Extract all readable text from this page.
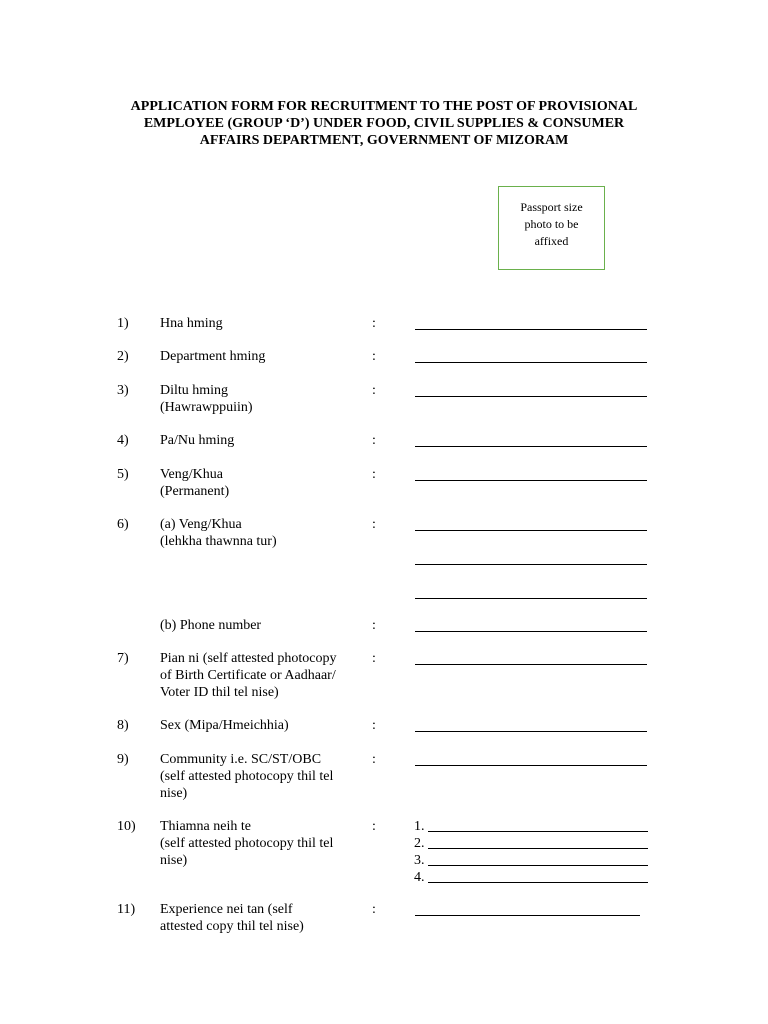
APPLICATION FORM FOR RECRUITMENT TO THE POST OF PROVISIONAL
EMPLOYEE (GROUP ‘D’) UNDER FOOD, CIVIL SUPPLIES & CONSUMER
AFFAIRS DEPARTMENT, GOVERNMENT OF MIZORAM
Passport size
photo to be
affixed
1) Hna hming	:
2) Department hming	:
3) Diltu hming
(Hawrawppuiin)
:
4) Pa/Nu hming	:
5) Veng/Khua
(Permanent)
:
6) (a) Veng/Khua
(lehkha thawnna tur)
:
(b) Phone number	:
7) Pian ni (self attested photocopy
of Birth Certificate or Aadhaar/
Voter ID thil tel nise)
:
8) Sex (Mipa/Hmeichhia)	:
9) Community i.e. SC/ST/OBC
(self attested photocopy thil tel
nise)
:
10) Thiamna neih te
(self attested photocopy thil tel
nise)
:	1.
2.
3.
4.
11) Experience nei tan (self
attested copy thil tel nise)
:
